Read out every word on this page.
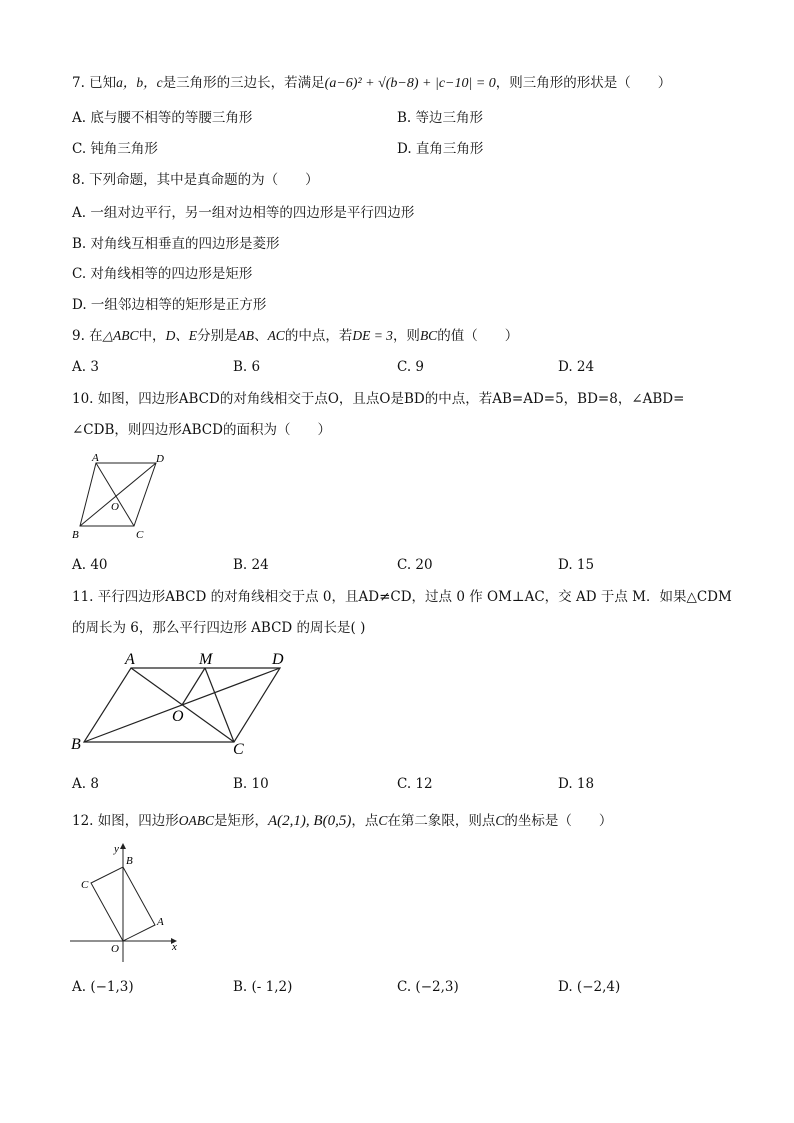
7. 已知a，b，c是三角形的三边长，若满足(a−6)² + √(b−8) + |c−10| = 0，则三角形的形状是（　　）
A. 底与腰不相等的等腰三角形	B. 等边三角形
C. 钝角三角形	D. 直角三角形
8. 下列命题，其中是真命题的为（　　）
A. 一组对边平行，另一组对边相等的四边形是平行四边形
B. 对角线互相垂直的四边形是菱形
C. 对角线相等的四边形是矩形
D. 一组邻边相等的矩形是正方形
9. 在△ABC中，D、E分别是AB、AC的中点，若DE = 3，则BC的值（　　）
A. 3	B. 6	C. 9	D. 24
10. 如图，四边形ABCD的对角线相交于点O，且点O是BD的中点，若AB=AD=5，BD=8，∠ABD=
∠CDB，则四边形ABCD的面积为（　　）
A	D
O
B	C
A. 40	B. 24	C. 20	D. 15
11. 平行四边形ABCD 的对角线相交于点 0，且AD≠CD，过点 0 作 OM⊥AC，交 AD 于点 M．如果△CDM
的周长为 6，那么平行四边形 ABCD 的周长是( )
A	M	D
O
B	C
A. 8	B. 10	C. 12	D. 18
12. 如图，四边形OABC是矩形，A(2,1), B(0,5)，点C在第二象限，则点C的坐标是（　　）
y
B
C
A
O	x
A. (−1,3)	B. (- 1,2)	C. (−2,3)	D. (−2,4)
